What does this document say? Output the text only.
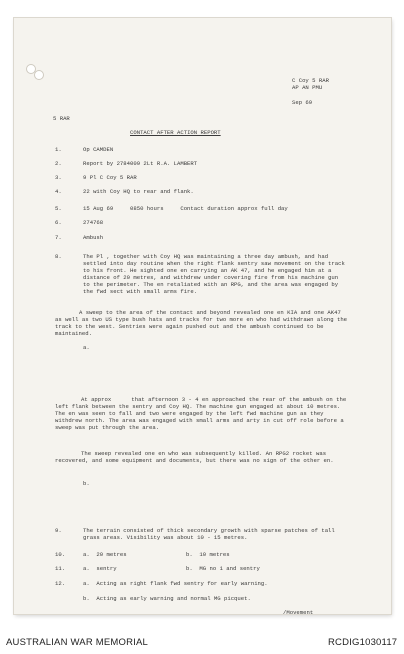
C Coy 5 RAR
AP AN PMU
Sep 69
5 RAR
CONTACT AFTER ACTION REPORT
1.	Op CAMDEN
2.	Report by 2784009 2Lt R.A. LAMBERT
3.	9 Pl C Coy 5 RAR
4.	22 with Coy HQ to rear and flank.
5.	15 Aug 69     0850 hours     Contact duration approx full day
6.	274768
7.	Ambush
8.	The Pl , together with Coy HQ was maintaining a three day ambush, and had settled into day routine when the right flank sentry saw movement on the track to his front. He sighted one en carrying an AK 47, and he engaged him at a distance of 20 metres, and withdrew under covering fire from his machine gun to the perimeter. The en retaliated with an RPG, and the area was engaged by the fwd sect with small arms fire.
A sweep to the area of the contact and beyond revealed one en KIA and one AK47 as well as two US type bush hats and tracks for two more en who had withdrawn along the track to the west. Sentries were again pushed out and the ambush continued to be maintained.
a.
At approx      that afternoon 3 - 4 en approached the rear of the ambush on the left flank between the sentry and Coy HQ. The machine gun engaged at about 10 metres. The en was seen to fall and two were engaged by the left fwd machine gun as they withdrew north. The area was engaged with small arms and arty in cut off role before a sweep was put through the area.
The sweep revealed one en who was subsequently killed. An RPG2 rocket was recovered, and some equipment and documents, but there was no sign of the other en.
b.
9.	The terrain consisted of thick secondary growth with sparse patches of tall grass areas. Visibility was about 10 - 15 metres.
10.	a.  20 metres	b.  10 metres
11.	a.  sentry	b.  MG no 1 and sentry
12.	a.  Acting as right flank fwd sentry for early warning.
b.  Acting as early warning and normal MG picquet.
/Movement
AUSTRALIAN WAR MEMORIAL	RCDIG1030117
